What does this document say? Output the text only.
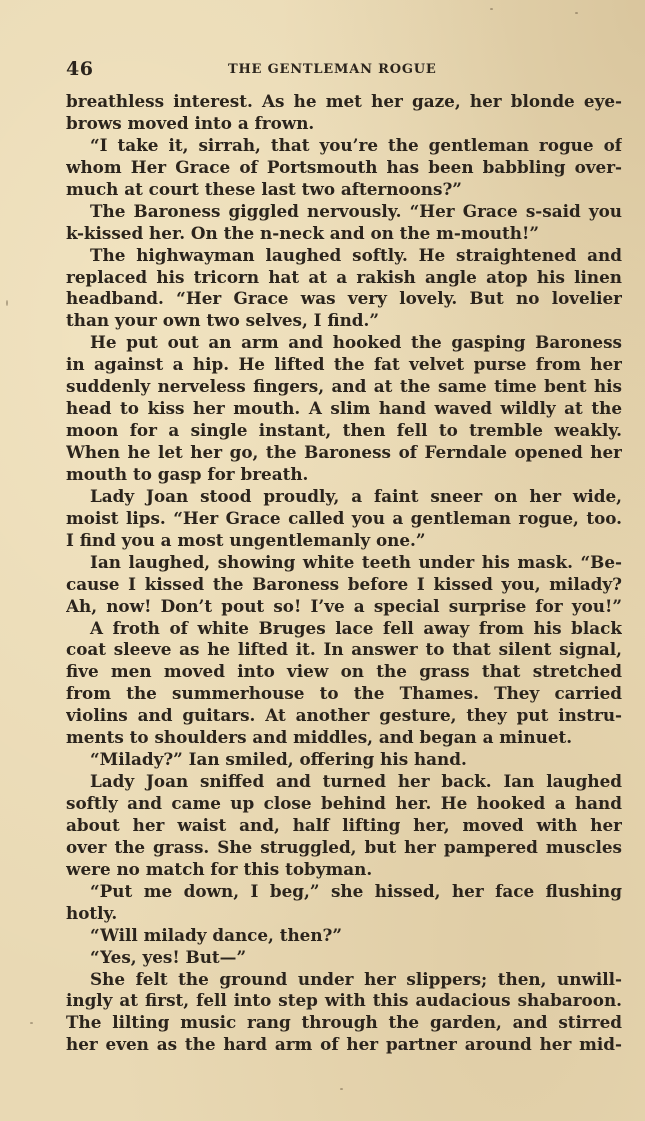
46	THE GENTLEMAN ROGUE
breathless interest. As he met her gaze, her blonde eye-
brows moved into a frown.
“I take it, sirrah, that you’re the gentleman rogue of
whom Her Grace of Portsmouth has been babbling over-
much at court these last two afternoons?”
The Baroness giggled nervously. “Her Grace s-said you
k-kissed her. On the n-neck and on the m-mouth!”
The highwayman laughed softly. He straightened and
replaced his tricorn hat at a rakish angle atop his linen
headband. “Her Grace was very lovely. But no lovelier
than your own two selves, I find.”
He put out an arm and hooked the gasping Baroness
in against a hip. He lifted the fat velvet purse from her
suddenly nerveless fingers, and at the same time bent his
head to kiss her mouth. A slim hand waved wildly at the
moon for a single instant, then fell to tremble weakly.
When he let her go, the Baroness of Ferndale opened her
mouth to gasp for breath.
Lady Joan stood proudly, a faint sneer on her wide,
moist lips. “Her Grace called you a gentleman rogue, too.
I find you a most ungentlemanly one.”
Ian laughed, showing white teeth under his mask. “Be-
cause I kissed the Baroness before I kissed you, milady?
Ah, now! Don’t pout so! I’ve a special surprise for you!”
A froth of white Bruges lace fell away from his black
coat sleeve as he lifted it. In answer to that silent signal,
five men moved into view on the grass that stretched
from the summerhouse to the Thames. They carried
violins and guitars. At another gesture, they put instru-
ments to shoulders and middles, and began a minuet.
“Milady?” Ian smiled, offering his hand.
Lady Joan sniffed and turned her back. Ian laughed
softly and came up close behind her. He hooked a hand
about her waist and, half lifting her, moved with her
over the grass. She struggled, but her pampered muscles
were no match for this tobyman.
“Put me down, I beg,” she hissed, her face flushing
hotly.
“Will milady dance, then?”
“Yes, yes! But—”
She felt the ground under her slippers; then, unwill-
ingly at first, fell into step with this audacious shabaroon.
The lilting music rang through the garden, and stirred
her even as the hard arm of her partner around her mid-
